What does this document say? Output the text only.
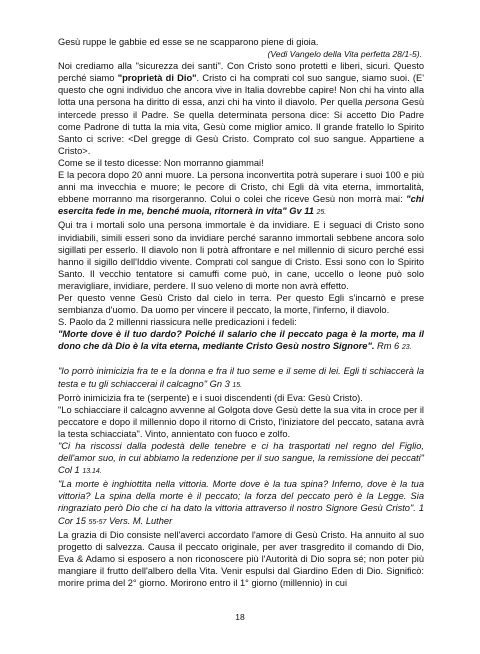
Gesù ruppe le gabbie ed esse se ne scapparono piene di gioia.

(Vedi Vangelo della Vita perfetta 28/1-5).

Noi crediamo alla "sicurezza dei santi". Con Cristo sono protetti e liberi, sicuri. Questo perché siamo "proprietà di Dio". Cristo ci ha comprati col suo sangue, siamo suoi. (E' questo che ogni individuo che ancora vive in Italia dovrebbe capire! Non chi ha vinto alla lotta una persona ha diritto di essa, anzi chi ha vinto il diavolo. Per quella persona Gesù intercede presso il Padre. Se quella determinata persona dice: Si accetto Dio Padre come Padrone di tutta la mia vita, Gesù come miglior amico. Il grande fratello lo Spirito Santo ci scrive: <Del gregge di Gesù Cristo. Comprato col suo sangue. Appartiene a Cristo>.

Come se il testo dicesse: Non morranno giammai!

E la pecora dopo 20 anni muore. La persona inconvertita potrà superare i suoi 100 e più anni ma invecchia e muore; le pecore di Cristo, chi Egli dà vita eterna, immortalità, ebbene morranno ma risorgeranno. Colui o colei che riceve Gesù non morrà mai: "chi esercita fede in me, benché muoia, ritornerà in vita" Gv 11 25.

Qui tra i mortali solo una persona immortale è da invidiare. E i seguaci di Cristo sono invidiabili, simili esseri sono da invidiare perché saranno immortali sebbene ancora solo sigillati per esserlo. Il diavolo non li potrà affrontare e nel millennio di sicuro perché essi hanno il sigillo dell'Iddio vivente. Comprati col sangue di Cristo. Essi sono con lo Spirito Santo. Il vecchio tentatore si camuffi come può, in cane, uccello o leone può solo meravigliare, invidiare, perdere. Il suo veleno di morte non avrà effetto.

Per questo venne Gesù Cristo dal cielo in terra. Per questo Egli s'incarnò e prese sembianza d'uomo. Da uomo per vincere il peccato, la morte, l'inferno, il diavolo.

S. Paolo da 2 millenni riassicura nelle predicazioni i fedeli:

"Morte dove è il tuo dardo? Poiché il salario che il peccato paga è la morte, ma il dono che dà Dio è la vita eterna, mediante Cristo Gesù nostro Signore". Rm 6 23.

"Io porrò inimicizia fra te e la donna e fra il tuo seme e il seme di lei. Egli ti schiaccerà la testa e tu gli schiaccerai il calcagno" Gn 3 15.

Porrò inimicizia fra te (serpente) e i suoi discendenti (di Eva: Gesù Cristo).

"Lo schiacciare il calcagno avvenne al Golgota dove Gesù dette la sua vita in croce per il peccatore e dopo il millennio dopo il ritorno di Cristo, l'iniziatore del peccato, satana avrà la testa schiacciata". Vinto, annientato con fuoco e zolfo.

"Ci ha riscossi dalla podestà delle tenebre e ci ha trasportati nel regno del Figlio, dell'amor suo, in cui abbiamo la redenzione per il suo sangue, la remissione dei peccati" Col 1 13.14.

"La morte è inghiottita nella vittoria. Morte dove è la tua spina? Inferno, dove è la tua vittoria? La spina della morte è il peccato; la forza del peccato però è la Legge. Sia ringraziato però Dio che ci ha dato la vittoria attraverso il nostro Signore Gesù Cristo". 1 Cor 15 55-57 Vers. M. Luther

La grazia di Dio consiste nell'averci accordato l'amore di Gesù Cristo. Ha annuito al suo progetto di salvezza. Causa il peccato originale, per aver trasgredito il comando di Dio, Eva & Adamo si esposero a non riconoscere più l'Autorità di Dio sopra sé; non poter più mangiare il frutto dell'albero della Vita. Venir espulsi dal Giardino Eden di Dio. Significò: morire prima del 2° giorno. Morirono entro il 1° giorno (millennio) in cui

18
